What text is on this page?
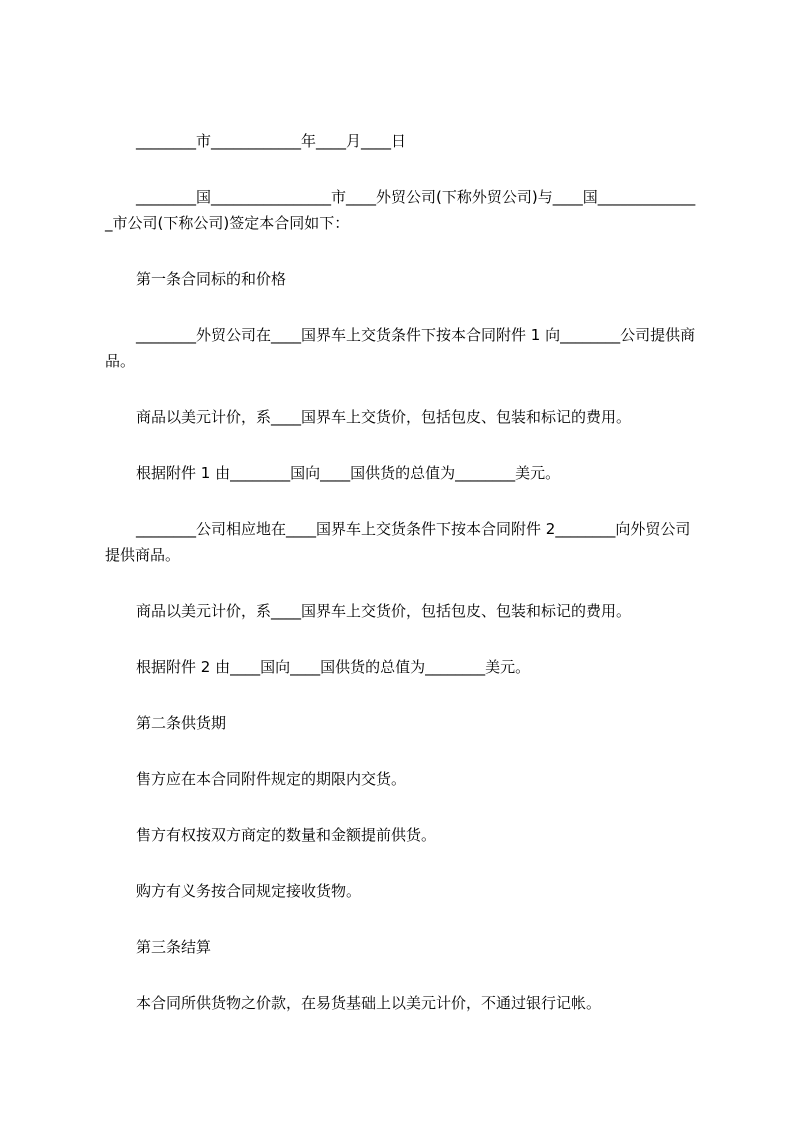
________市____________年____月____日

________国________________市____外贸公司(下称外贸公司)与____国______________市公司(下称公司)签定本合同如下：

第一条合同标的和价格

________外贸公司在____国界车上交货条件下按本合同附件 1 向________公司提供商品。

商品以美元计价，系____国界车上交货价，包括包皮、包装和标记的费用。

根据附件 1 由________国向____国供货的总值为________美元。

________公司相应地在____国界车上交货条件下按本合同附件 2________向外贸公司提供商品。

商品以美元计价，系____国界车上交货价，包括包皮、包装和标记的费用。

根据附件 2 由____国向____国供货的总值为________美元。

第二条供货期

售方应在本合同附件规定的期限内交货。

售方有权按双方商定的数量和金额提前供货。

购方有义务按合同规定接收货物。

第三条结算

本合同所供货物之价款，在易货基础上以美元计价，不通过银行记帐。
